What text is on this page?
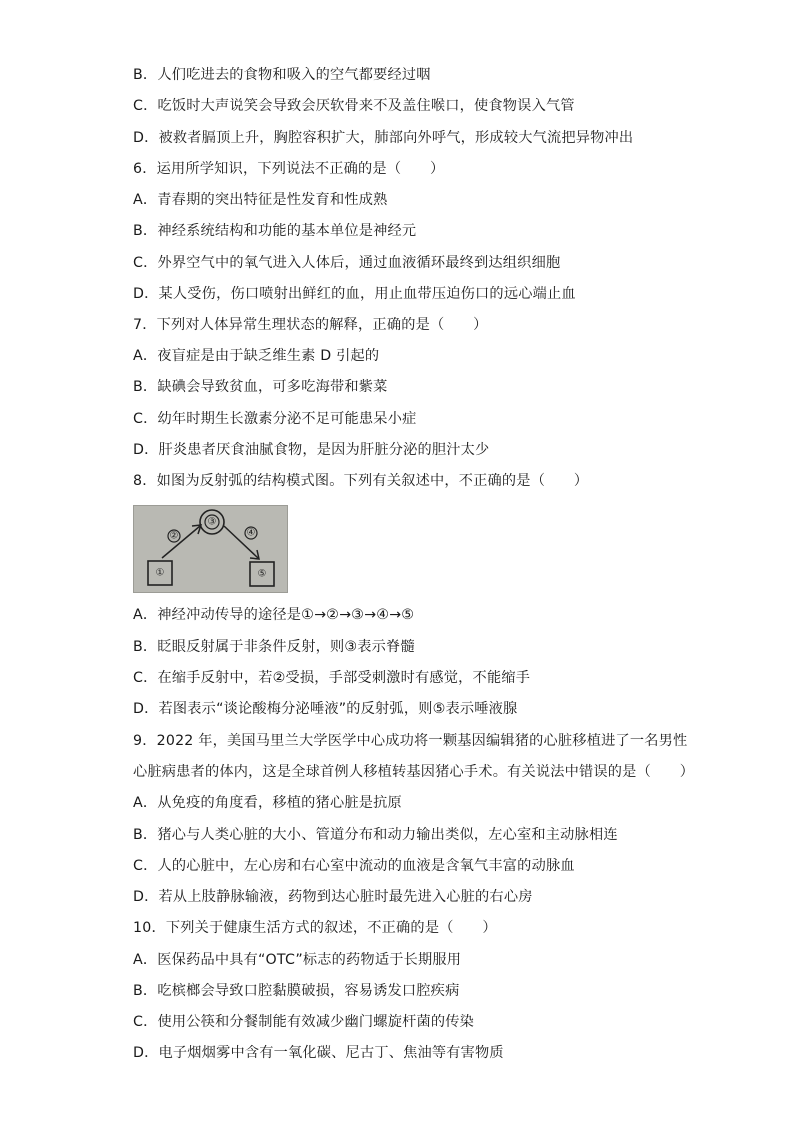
B．人们吃进去的食物和吸入的空气都要经过咽
C．吃饭时大声说笑会导致会厌软骨来不及盖住喉口，使食物误入气管
D．被救者膈顶上升，胸腔容积扩大，肺部向外呼气，形成较大气流把异物冲出
6．运用所学知识，下列说法不正确的是（　　）
A．青春期的突出特征是性发育和性成熟
B．神经系统结构和功能的基本单位是神经元
C．外界空气中的氧气进入人体后，通过血液循环最终到达组织细胞
D．某人受伤，伤口喷射出鲜红的血，用止血带压迫伤口的远心端止血
7．下列对人体异常生理状态的解释，正确的是（　　）
A．夜盲症是由于缺乏维生素 D 引起的
B．缺碘会导致贫血，可多吃海带和紫菜
C．幼年时期生长激素分泌不足可能患呆小症
D．肝炎患者厌食油腻食物，是因为肝脏分泌的胆汁太少
8．如图为反射弧的结构模式图。下列有关叙述中，不正确的是（　　）
A．神经冲动传导的途径是①→②→③→④→⑤
B．眨眼反射属于非条件反射，则③表示脊髓
C．在缩手反射中，若②受损，手部受刺激时有感觉，不能缩手
D．若图表示“谈论酸梅分泌唾液”的反射弧，则⑤表示唾液腺
9．2022 年，美国马里兰大学医学中心成功将一颗基因编辑猪的心脏移植进了一名男性
心脏病患者的体内，这是全球首例人移植转基因猪心手术。有关说法中错误的是（　　）
A．从免疫的角度看，移植的猪心脏是抗原
B．猪心与人类心脏的大小、管道分布和动力输出类似，左心室和主动脉相连
C．人的心脏中，左心房和右心室中流动的血液是含氧气丰富的动脉血
D．若从上肢静脉输液，药物到达心脏时最先进入心脏的右心房
10．下列关于健康生活方式的叙述，不正确的是（　　）
A．医保药品中具有“OTC”标志的药物适于长期服用
B．吃槟榔会导致口腔黏膜破损，容易诱发口腔疾病
C．使用公筷和分餐制能有效减少幽门螺旋杆菌的传染
D．电子烟烟雾中含有一氧化碳、尼古丁、焦油等有害物质
①
②
③
④
⑤
